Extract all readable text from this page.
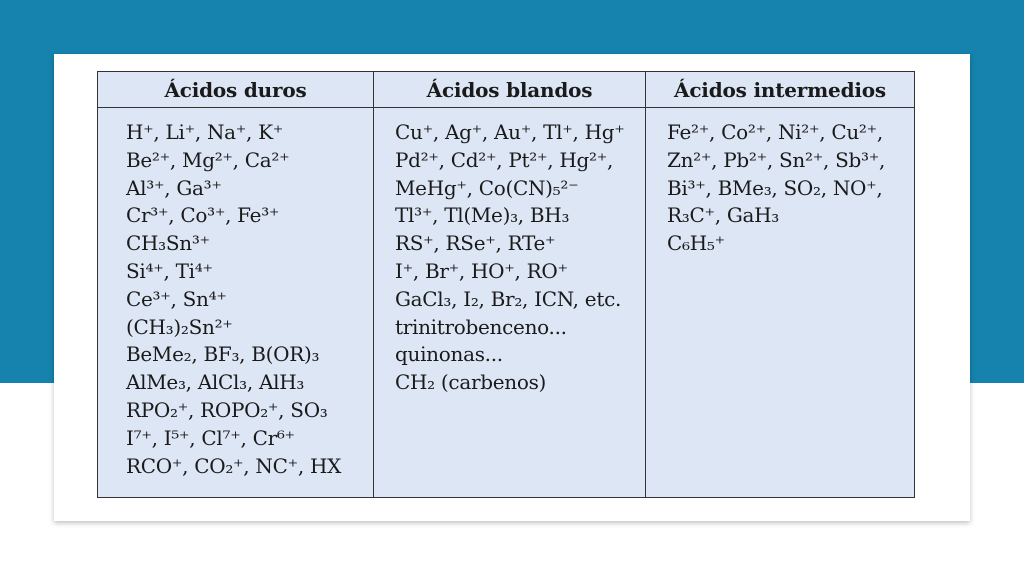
Ácidos duros	Ácidos blandos	Ácidos intermedios
H⁺, Li⁺, Na⁺, K⁺
Be²⁺, Mg²⁺, Ca²⁺
Al³⁺, Ga³⁺
Cr³⁺, Co³⁺, Fe³⁺
CH₃Sn³⁺
Si⁴⁺, Ti⁴⁺
Ce³⁺, Sn⁴⁺
(CH₃)₂Sn²⁺
BeMe₂, BF₃, B(OR)₃
AlMe₃, AlCl₃, AlH₃
RPO₂⁺, ROPO₂⁺, SO₃
I⁷⁺, I⁵⁺, Cl⁷⁺, Cr⁶⁺
RCO⁺, CO₂⁺, NC⁺, HX
Cu⁺, Ag⁺, Au⁺, Tl⁺, Hg⁺
Pd²⁺, Cd²⁺, Pt²⁺, Hg²⁺,
MeHg⁺, Co(CN)₅²⁻
Tl³⁺, Tl(Me)₃, BH₃
RS⁺, RSe⁺, RTe⁺
I⁺, Br⁺, HO⁺, RO⁺
GaCl₃, I₂, Br₂, ICN, etc.
trinitrobenceno...
quinonas...
CH₂ (carbenos)
Fe²⁺, Co²⁺, Ni²⁺, Cu²⁺,
Zn²⁺, Pb²⁺, Sn²⁺, Sb³⁺,
Bi³⁺, BMe₃, SO₂, NO⁺,
R₃C⁺, GaH₃
C₆H₅⁺
